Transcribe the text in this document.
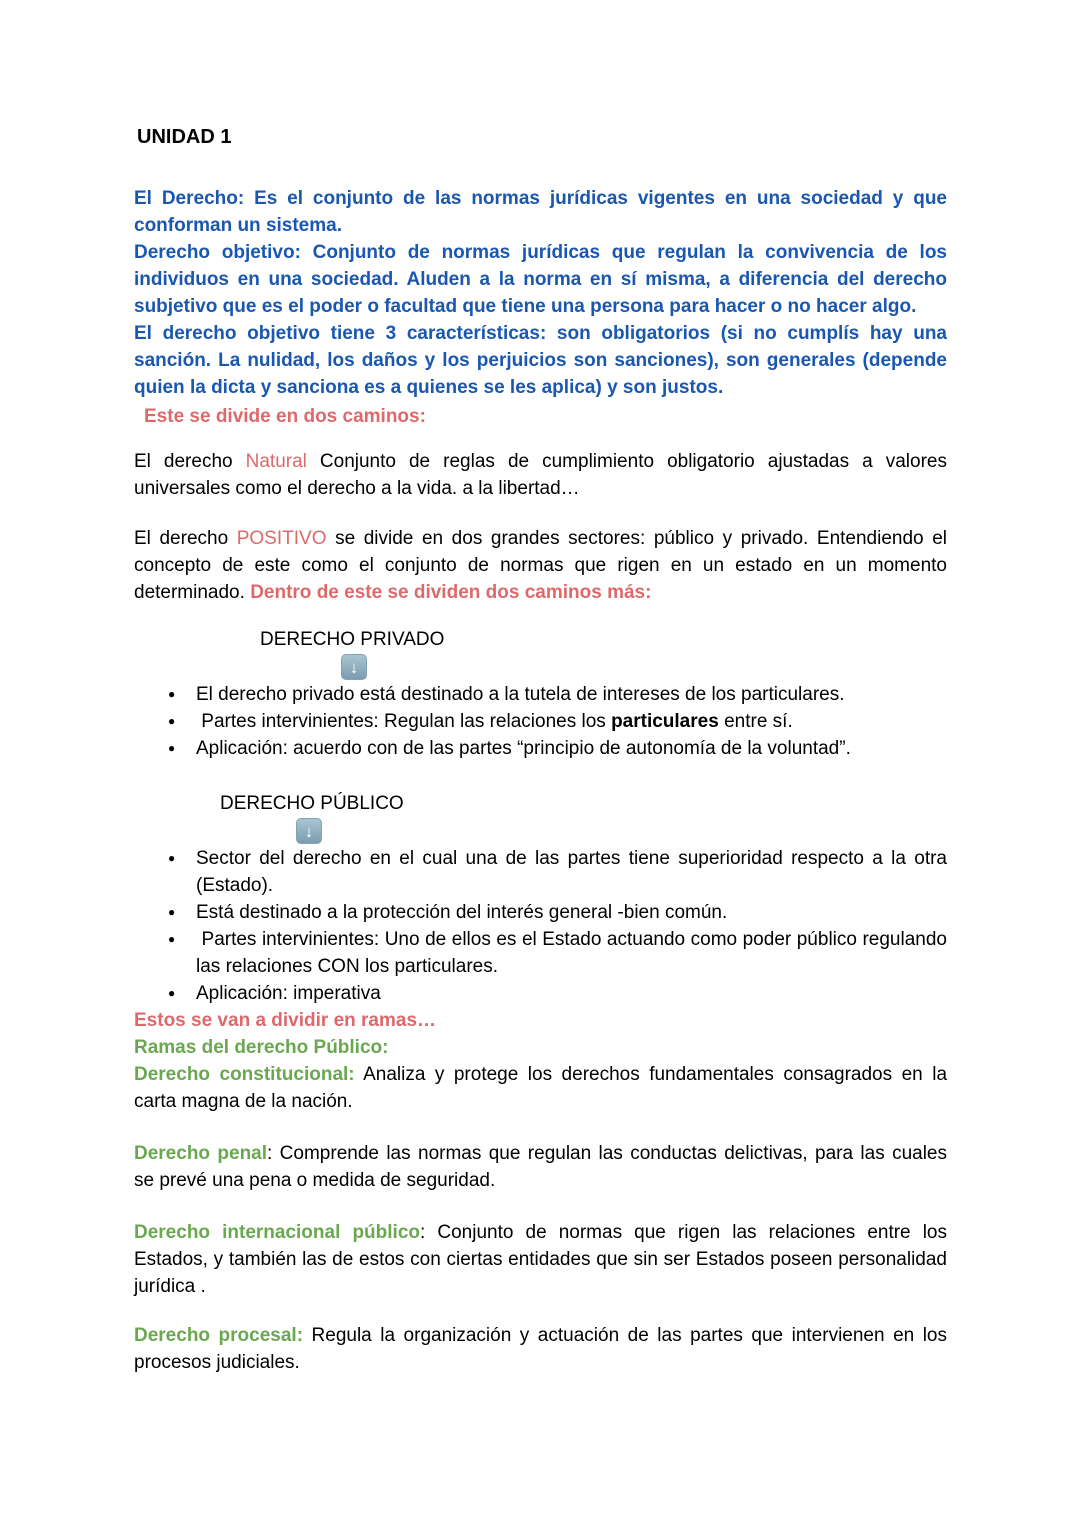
UNIDAD 1

El Derecho: Es el conjunto de las normas jurídicas vigentes en una sociedad y que conforman un sistema.

Derecho objetivo: Conjunto de normas jurídicas que regulan la convivencia de los individuos en una sociedad. Aluden a la norma en sí misma, a diferencia del derecho subjetivo que es el poder o facultad que tiene una persona para hacer o no hacer algo.

El derecho objetivo tiene 3 características: son obligatorios (si no cumplís hay una sanción. La nulidad, los daños y los perjuicios son sanciones), son generales (depende quien la dicta y sanciona es a quienes se les aplica) y son justos.

Este se divide en dos caminos:

El derecho Natural Conjunto de reglas de cumplimiento obligatorio ajustadas a valores universales como el derecho a la vida. a la libertad…

El derecho POSITIVO se divide en dos grandes sectores: público y privado. Entendiendo el concepto de este como el conjunto de normas que rigen en un estado en un momento determinado. Dentro de este se dividen dos caminos más:

DERECHO PRIVADO

↓
● El derecho privado está destinado a la tutela de intereses de los particulares.
●  Partes intervinientes: Regulan las relaciones los particulares entre sí.
● Aplicación: acuerdo con de las partes “principio de autonomía de la voluntad”.

DERECHO PÚBLICO

↓
● Sector del derecho en el cual una de las partes tiene superioridad respecto a la otra (Estado).
● Está destinado a la protección del interés general -bien común.
●  Partes intervinientes: Uno de ellos es el Estado actuando como poder público regulando las relaciones CON los particulares.
● Aplicación: imperativa

Estos se van a dividir en ramas…

Ramas del derecho Público:

Derecho constitucional: Analiza y protege los derechos fundamentales consagrados en la carta magna de la nación.

Derecho penal: Comprende las normas que regulan las conductas delictivas, para las cuales se prevé una pena o medida de seguridad.

Derecho internacional público: Conjunto de normas que rigen las relaciones entre los Estados, y también las de estos con ciertas entidades que sin ser Estados poseen personalidad jurídica .

Derecho procesal: Regula la organización y actuación de las partes que intervienen en los procesos judiciales.
